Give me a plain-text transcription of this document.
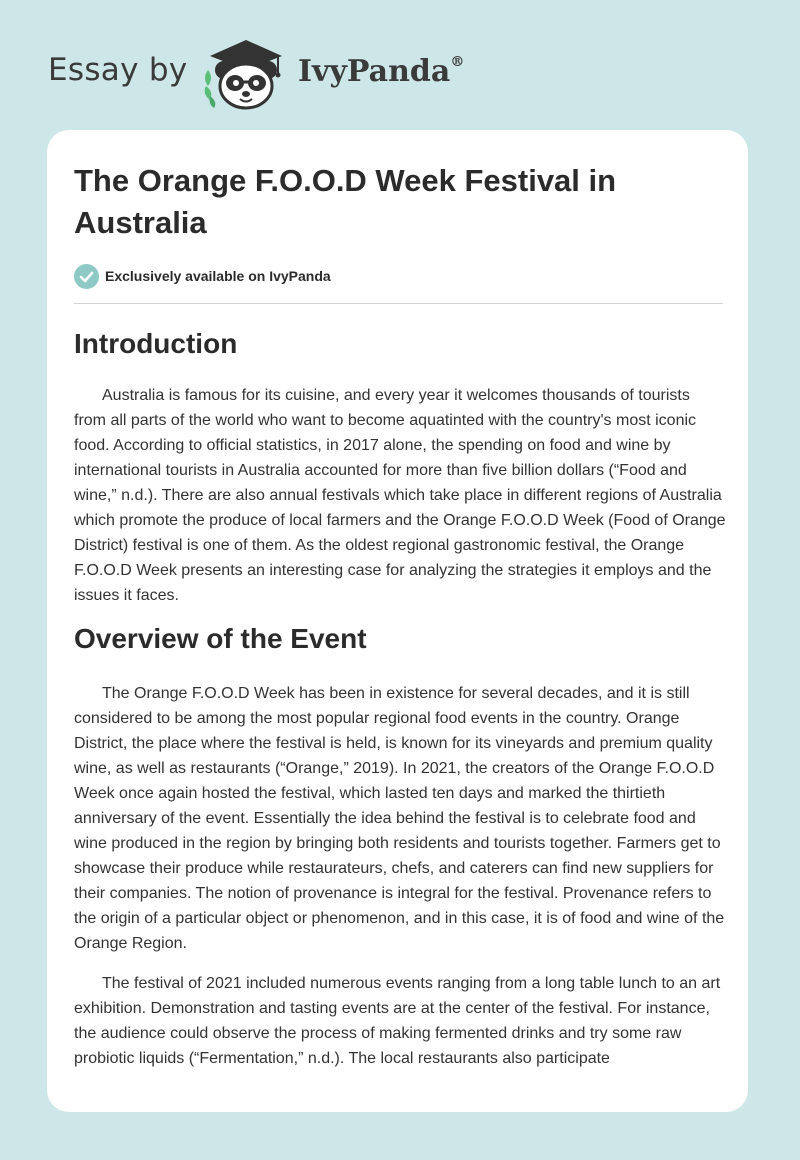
Essay by	IvyPanda®
The Orange F.O.O.D Week Festival in Australia
Exclusively available on IvyPanda
Introduction

Australia is famous for its cuisine, and every year it welcomes thousands of tourists from all parts of the world who want to become aquatinted with the country's most iconic food. According to official statistics, in 2017 alone, the spending on food and wine by international tourists in Australia accounted for more than five billion dollars (“Food and wine,” n.d.). There are also annual festivals which take place in different regions of Australia which promote the produce of local farmers and the Orange F.O.O.D Week (Food of Orange District) festival is one of them. As the oldest regional gastronomic festival, the Orange F.O.O.D Week presents an interesting case for analyzing the strategies it employs and the issues it faces.

Overview of the Event

The Orange F.O.O.D Week has been in existence for several decades, and it is still considered to be among the most popular regional food events in the country. Orange District, the place where the festival is held, is known for its vineyards and premium quality wine, as well as restaurants (“Orange,” 2019). In 2021, the creators of the Orange F.O.O.D Week once again hosted the festival, which lasted ten days and marked the thirtieth anniversary of the event. Essentially the idea behind the festival is to celebrate food and wine produced in the region by bringing both residents and tourists together. Farmers get to showcase their produce while restaurateurs, chefs, and caterers can find new suppliers for their companies. The notion of provenance is integral for the festival. Provenance refers to the origin of a particular object or phenomenon, and in this case, it is of food and wine of the Orange Region.

The festival of 2021 included numerous events ranging from a long table lunch to an art exhibition. Demonstration and tasting events are at the center of the festival. For instance, the audience could observe the process of making fermented drinks and try some raw probiotic liquids (“Fermentation,” n.d.). The local restaurants also participate
